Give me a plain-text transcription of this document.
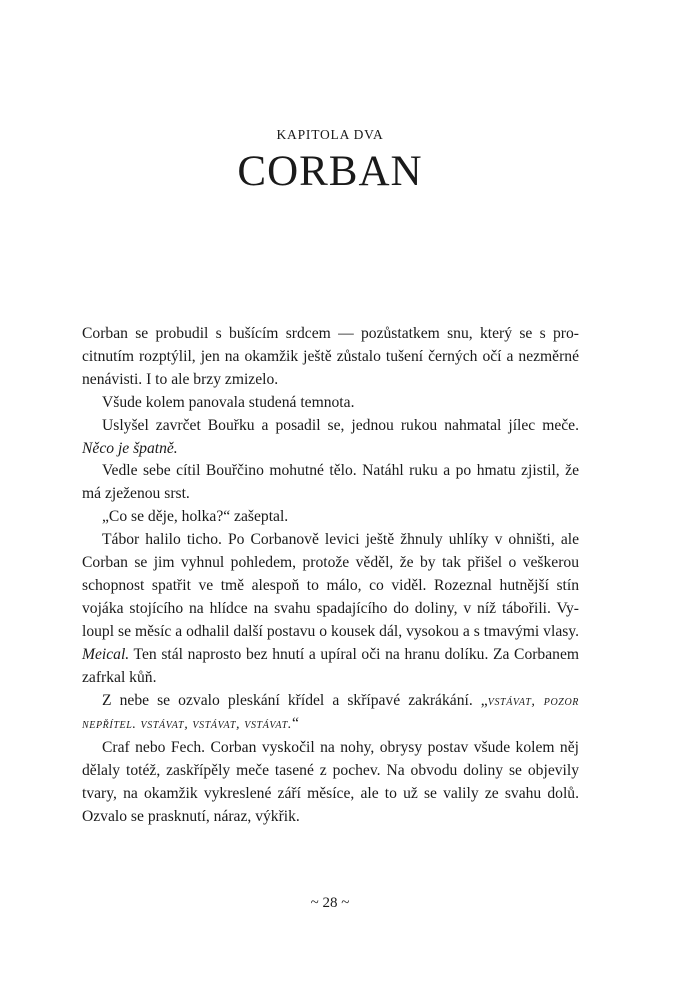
KAPITOLA DVA
CORBAN

Corban se probudil s bušícím srdcem — pozůstatkem snu, který se s procitnutím rozptýlil, jen na okamžik ještě zůstalo tušení černých očí a nezměrné nenávisti. I to ale brzy zmizelo.

Všude kolem panovala studená temnota.

Uslyšel zavrčet Bouřku a posadil se, jednou rukou nahmatal jílec meče. Něco je špatně.

Vedle sebe cítil Bouřčino mohutné tělo. Natáhl ruku a po hmatu zjistil, že má zježenou srst.

„Co se děje, holka?“ zašeptal.

Tábor halilo ticho. Po Corbanově levici ještě žhnuly uhlíky v ohništi, ale Corban se jim vyhnul pohledem, protože věděl, že by tak přišel o veškerou schopnost spatřit ve tmě alespoň to málo, co viděl. Rozeznal hutnější stín vojáka stojícího na hlídce na svahu spadajícího do doliny, v níž tábořili. Vyloupl se měsíc a odhalil další postavu o kousek dál, vysokou a s tmavými vlasy. Meical. Ten stál naprosto bez hnutí a upíral oči na hranu dolíku. Za Corbanem zafrkal kůň.

Z nebe se ozvalo pleskání křídel a skřípavé zakrákání. „vstávat, pozor nepřítel. vstávat, vstávat, vstávat.“

Craf nebo Fech. Corban vyskočil na nohy, obrysy postav všude kolem něj dělaly totéž, zaskřípěly meče tasené z pochev. Na obvodu doliny se objevily tvary, na okamžik vykreslené září měsíce, ale to už se valily ze svahu dolů. Ozvalo se prasknutí, náraz, výkřik.

~ 28 ~
